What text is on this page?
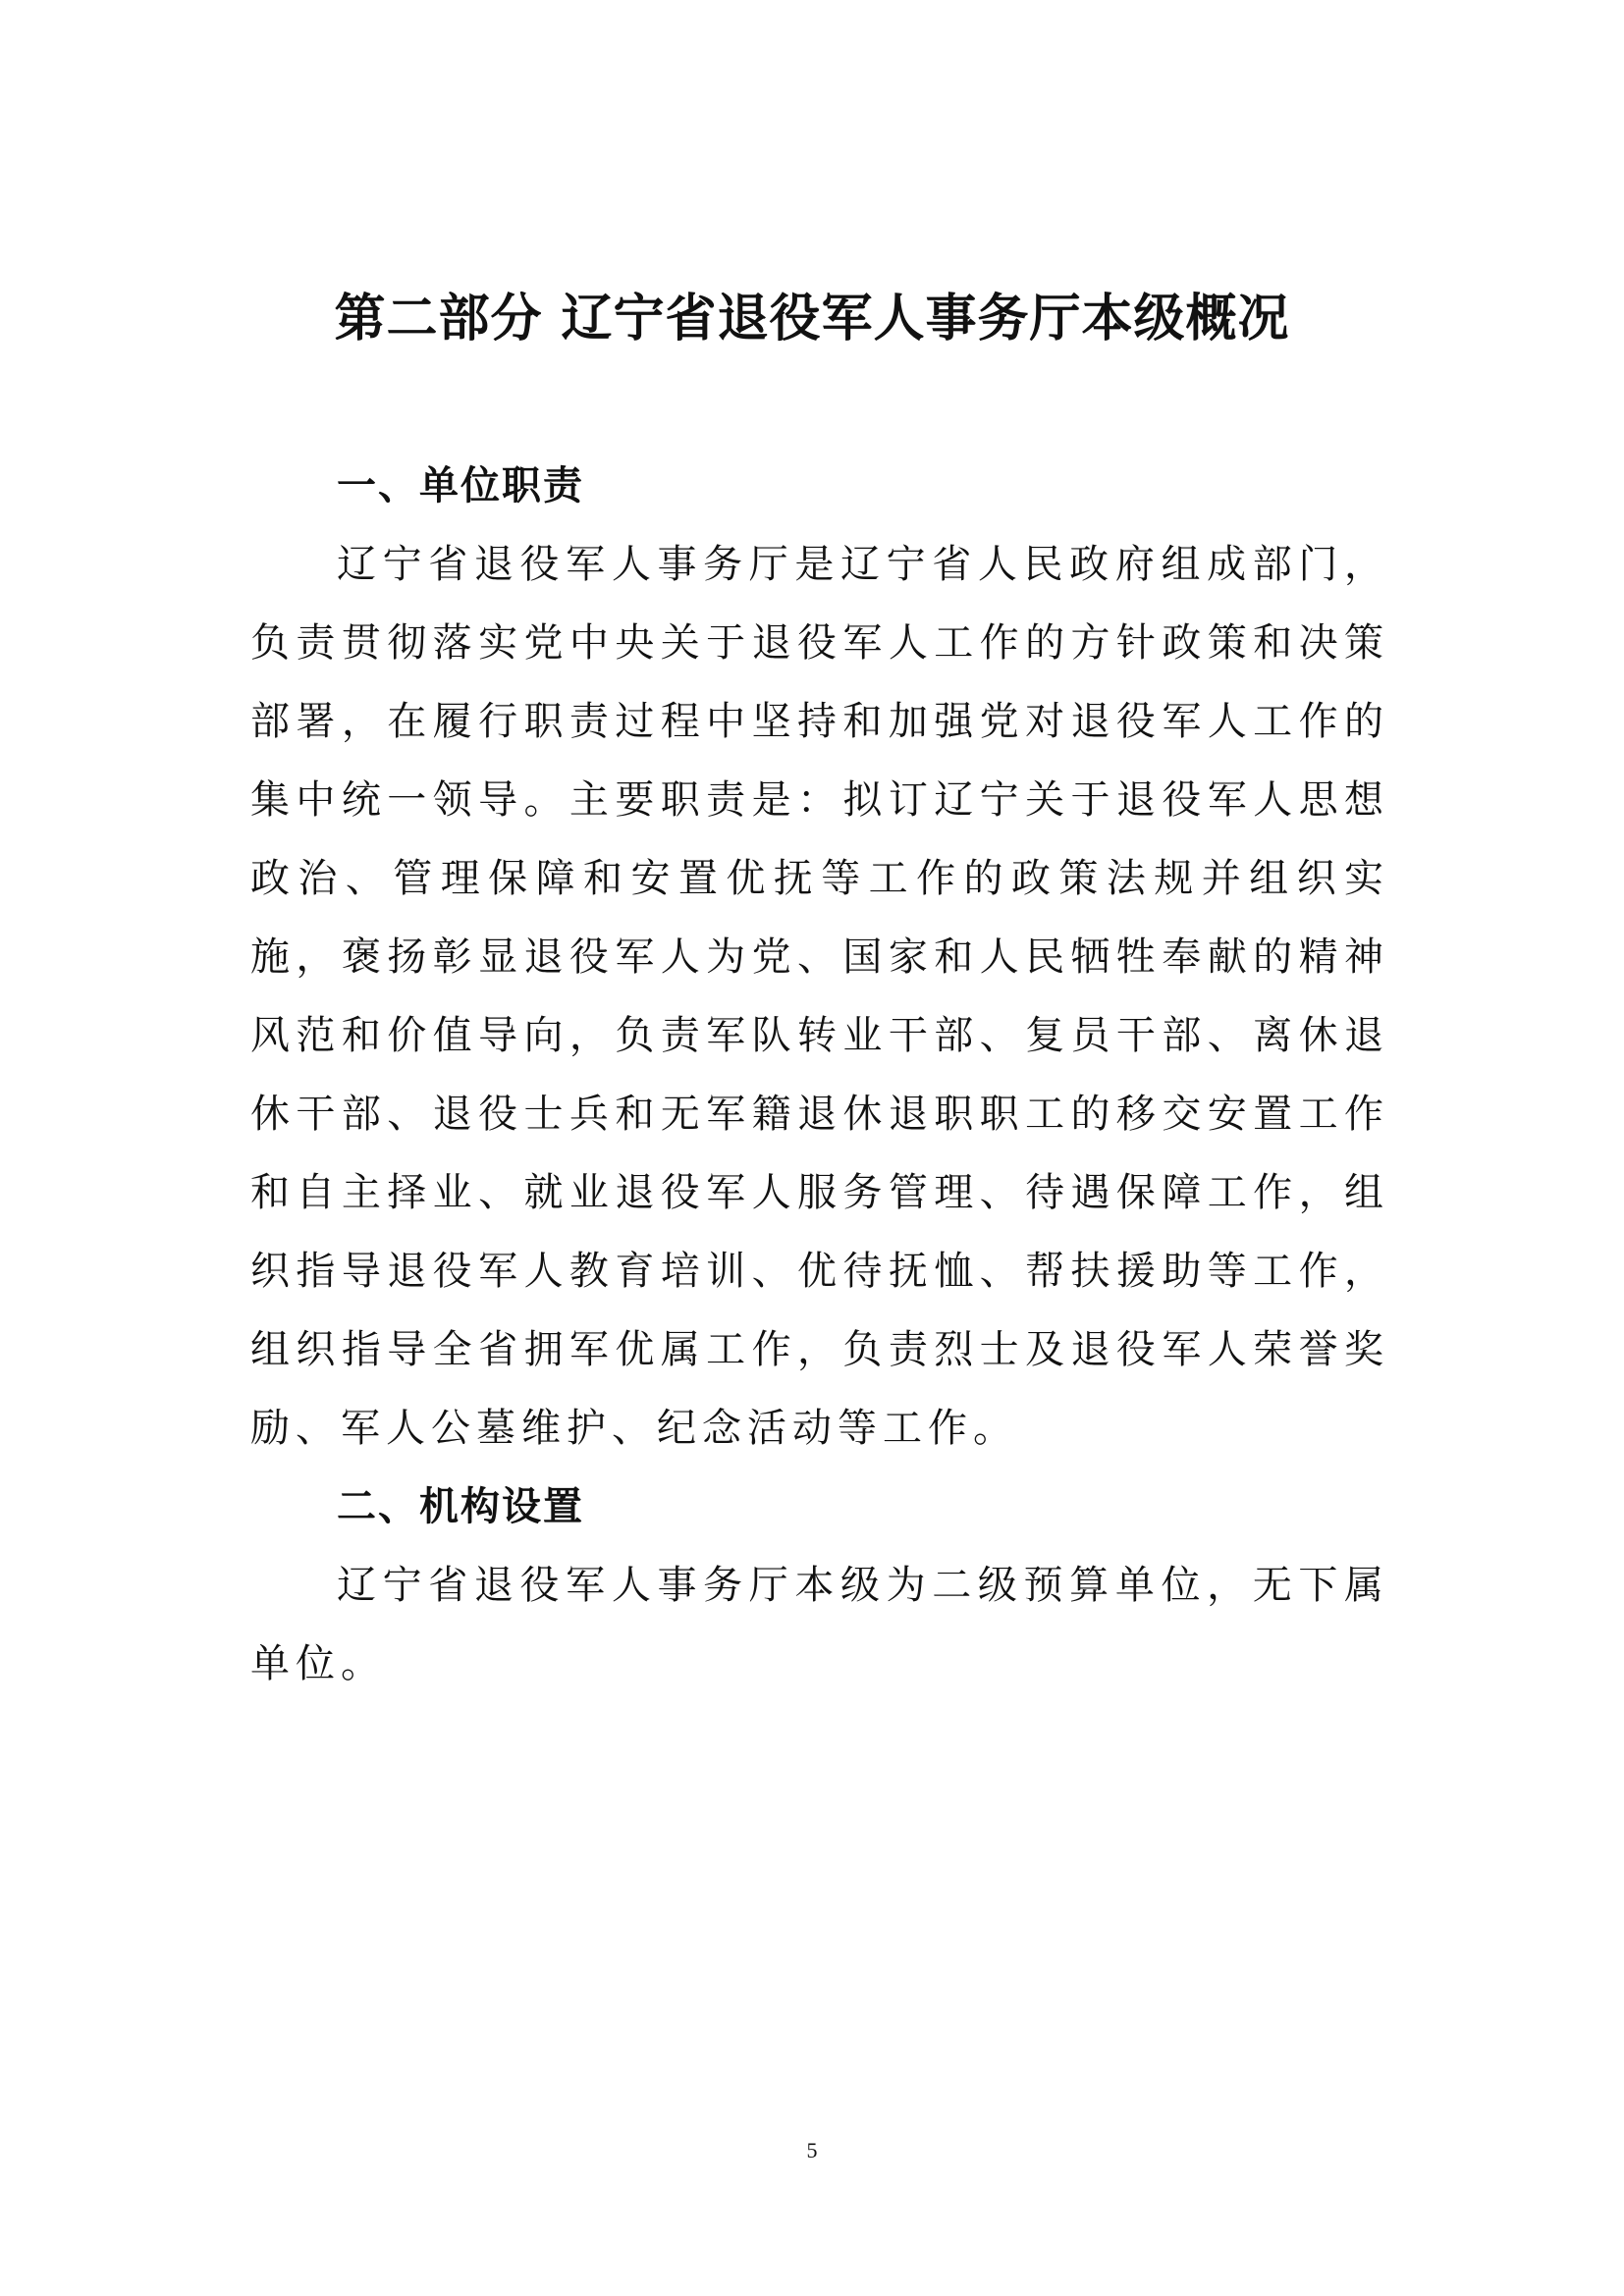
第二部分 辽宁省退役军人事务厅本级概况
一、单位职责

辽宁省退役军人事务厅是辽宁省人民政府组成部门，负责贯彻落实党中央关于退役军人工作的方针政策和决策部署，在履行职责过程中坚持和加强党对退役军人工作的集中统一领导。主要职责是：拟订辽宁关于退役军人思想政治、管理保障和安置优抚等工作的政策法规并组织实施，褒扬彰显退役军人为党、国家和人民牺牲奉献的精神风范和价值导向，负责军队转业干部、复员干部、离休退休干部、退役士兵和无军籍退休退职职工的移交安置工作和自主择业、就业退役军人服务管理、待遇保障工作，组织指导退役军人教育培训、优待抚恤、帮扶援助等工作，组织指导全省拥军优属工作，负责烈士及退役军人荣誉奖励、军人公墓维护、纪念活动等工作。

二、机构设置

辽宁省退役军人事务厅本级为二级预算单位，无下属单位。

5
